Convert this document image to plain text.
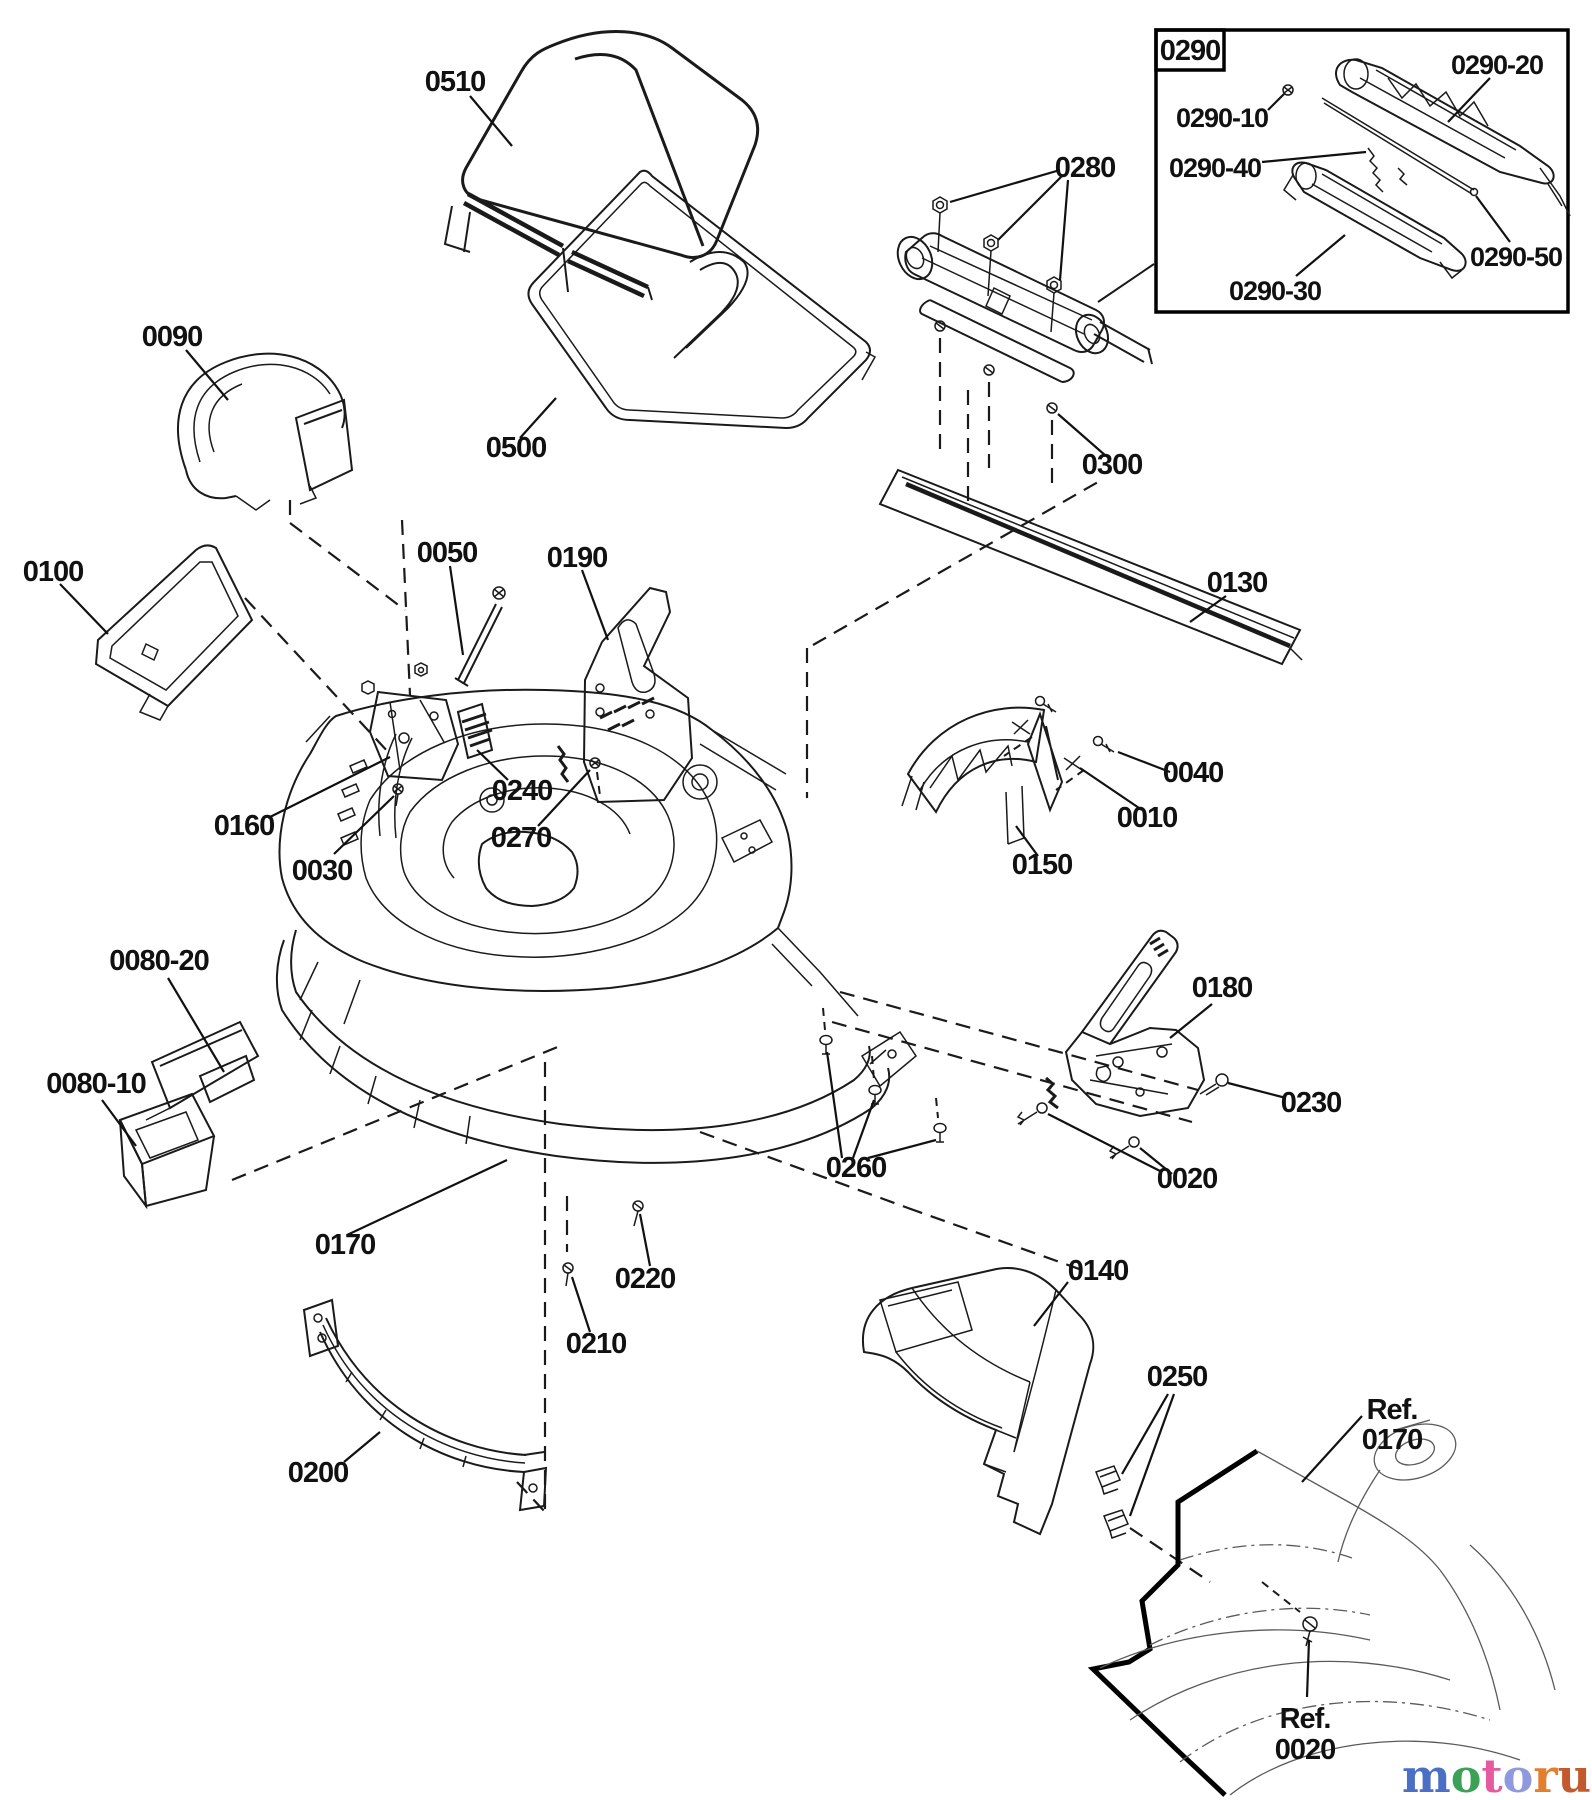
0290
0510
0500
0090
0100
0050 0190
0240
0160
0030
0280
0300
0130
0040
0010
0150
0270
0180
0230
0080-20
0080-10
0260	0020
0170
0220
0210
0200
0140
0250
0290-10
0290-40
0290-20
0290-50
0290-30
Ref.
0170
Ref.
0020 motoru
